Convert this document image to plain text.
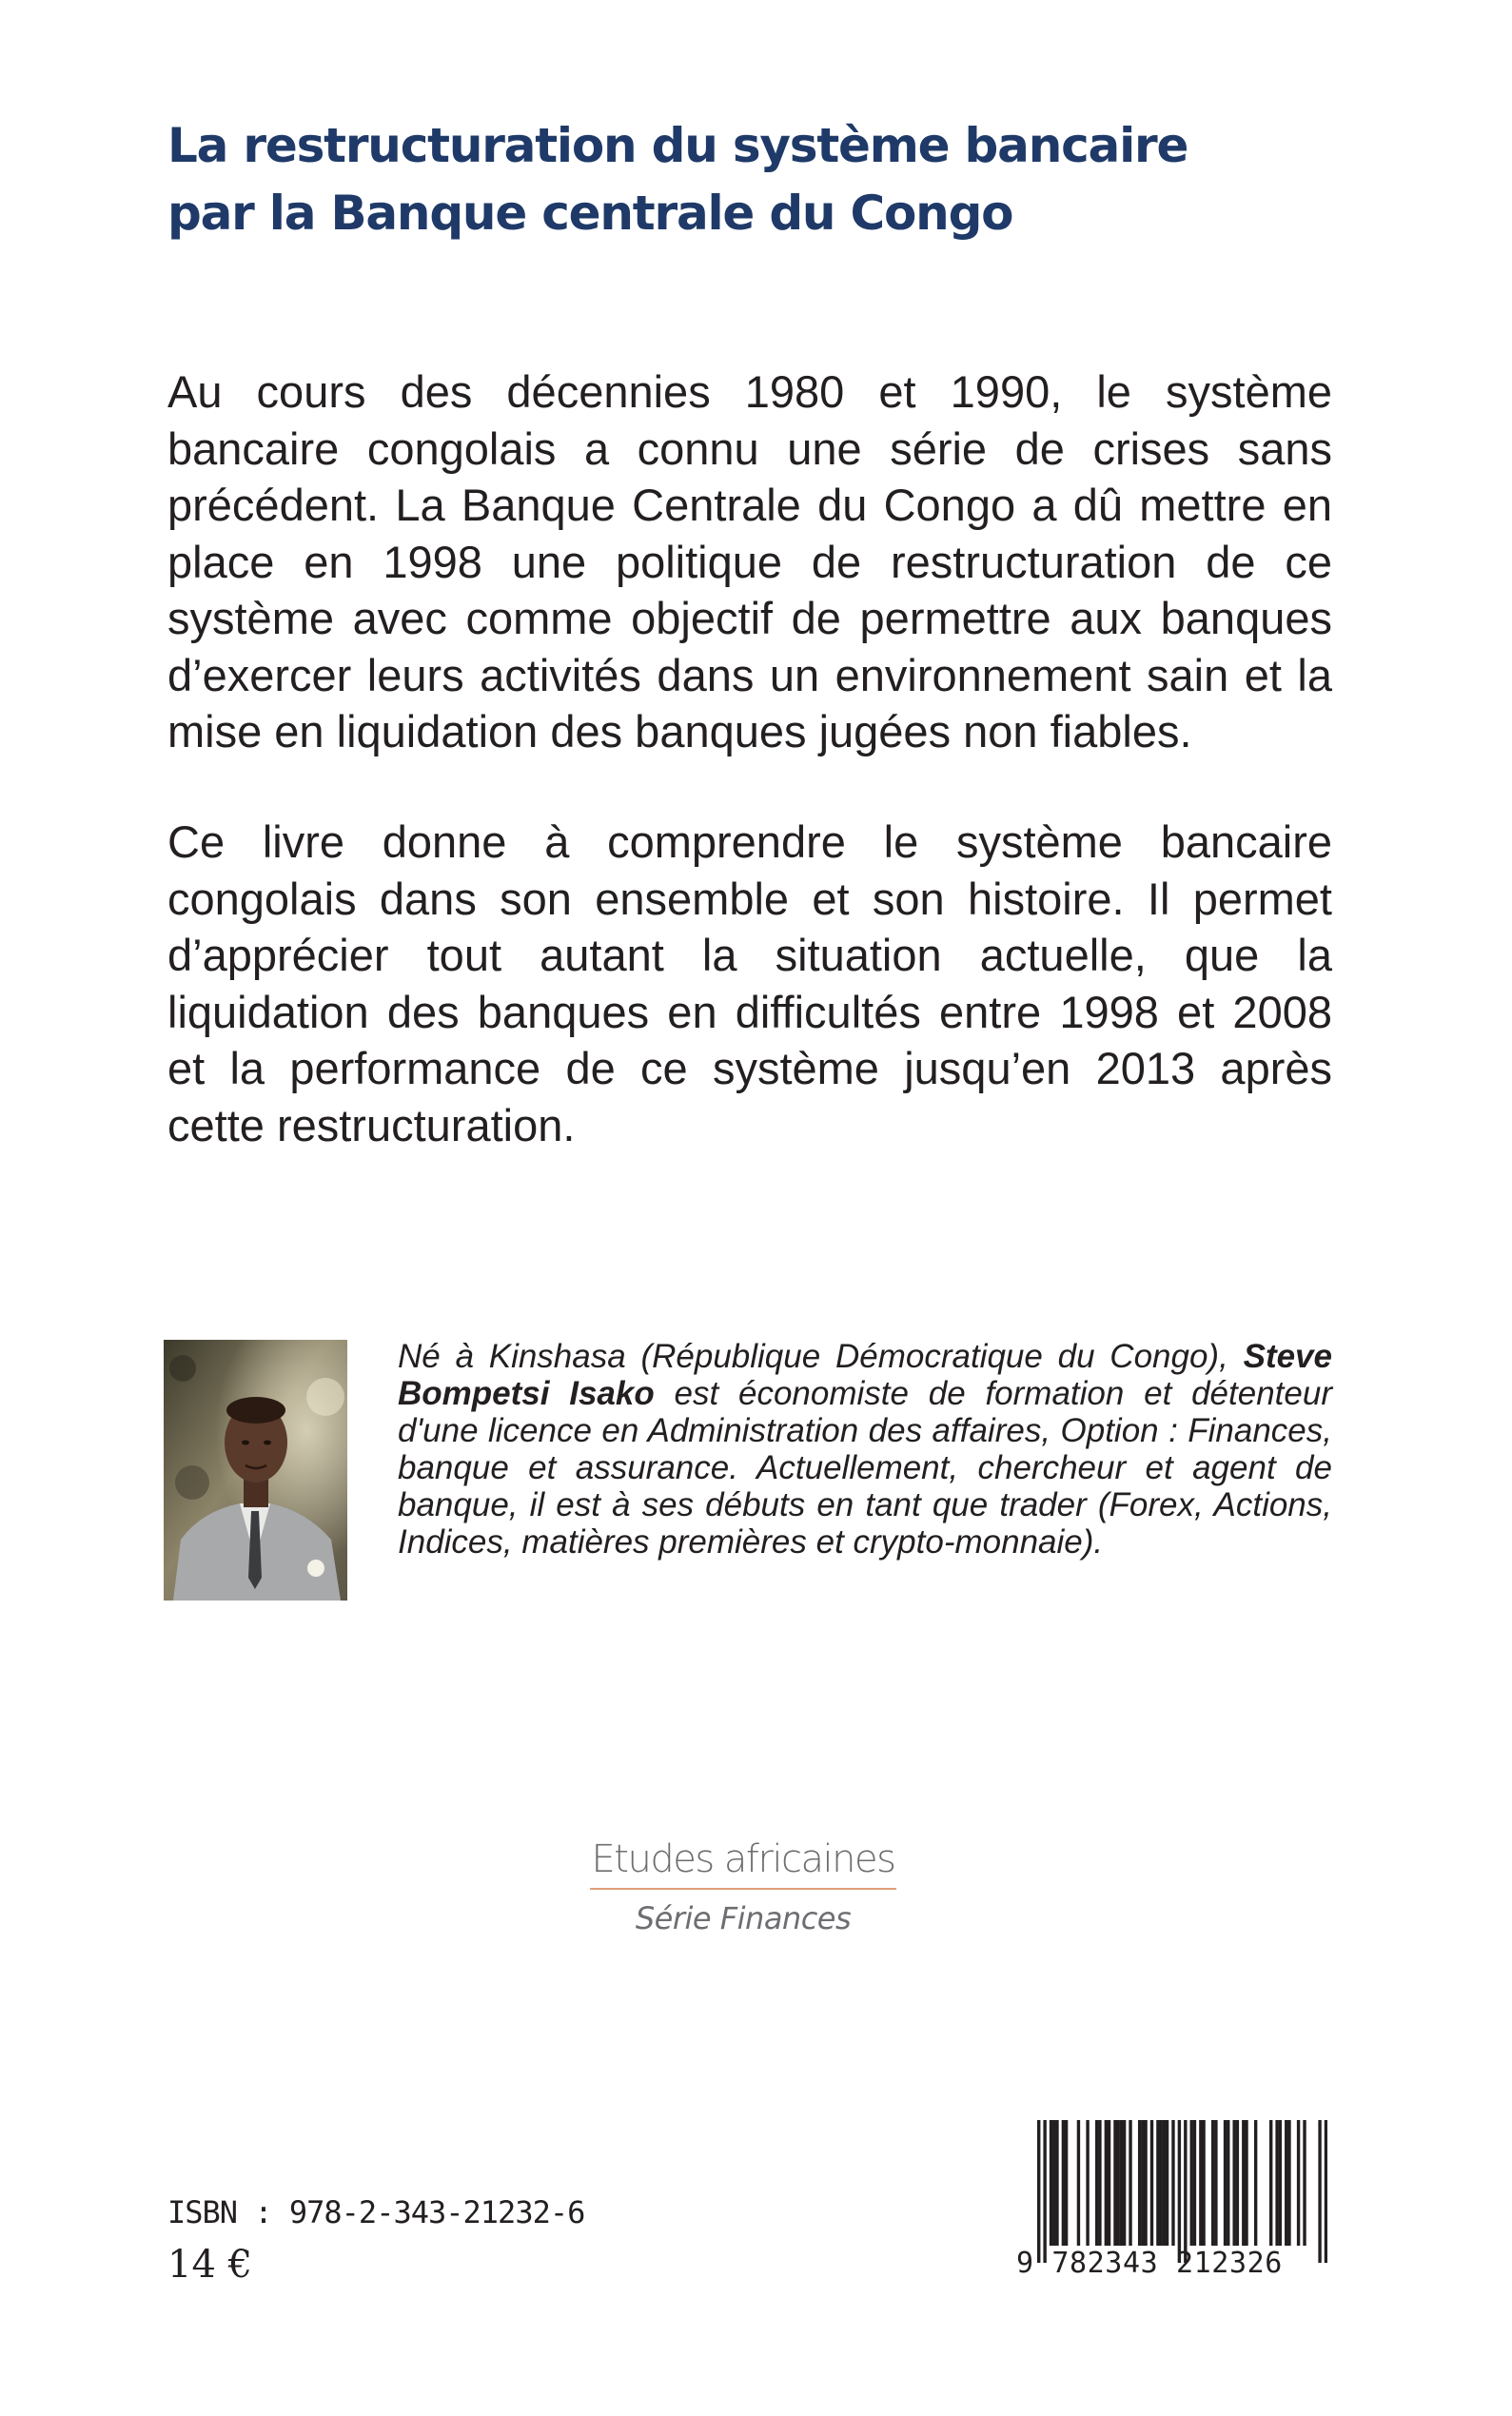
La restructuration du système bancaire
par la Banque centrale du Congo

Au cours des décennies 1980 et 1990, le système bancaire congolais a connu une série de crises sans précédent. La Banque Centrale du Congo a dû mettre en place en 1998 une politique de restructuration de ce système avec comme objectif de permettre aux banques d’exercer leurs activités dans un environnement sain et la mise en liquidation des banques jugées non fiables.

Ce livre donne à comprendre le système bancaire congolais dans son ensemble et son histoire. Il permet d’apprécier tout autant la situation actuelle, que la liquidation des banques en difficultés entre 1998 et 2008 et la performance de ce système jusqu’en 2013 après cette restructuration.

Né à Kinshasa (République Démocratique du Congo), Steve Bompetsi Isako est économiste de formation et détenteur d'une licence en Administration des affaires, Option : Finances, banque et assurance. Actuellement, chercheur et agent de banque, il est à ses débuts en tant que trader (Forex, Actions, Indices, matières premières et crypto-monnaie).

Etudes africaines
Série Finances
ISBN : 978-2-343-21232-6
14 €	9 782343 212326
